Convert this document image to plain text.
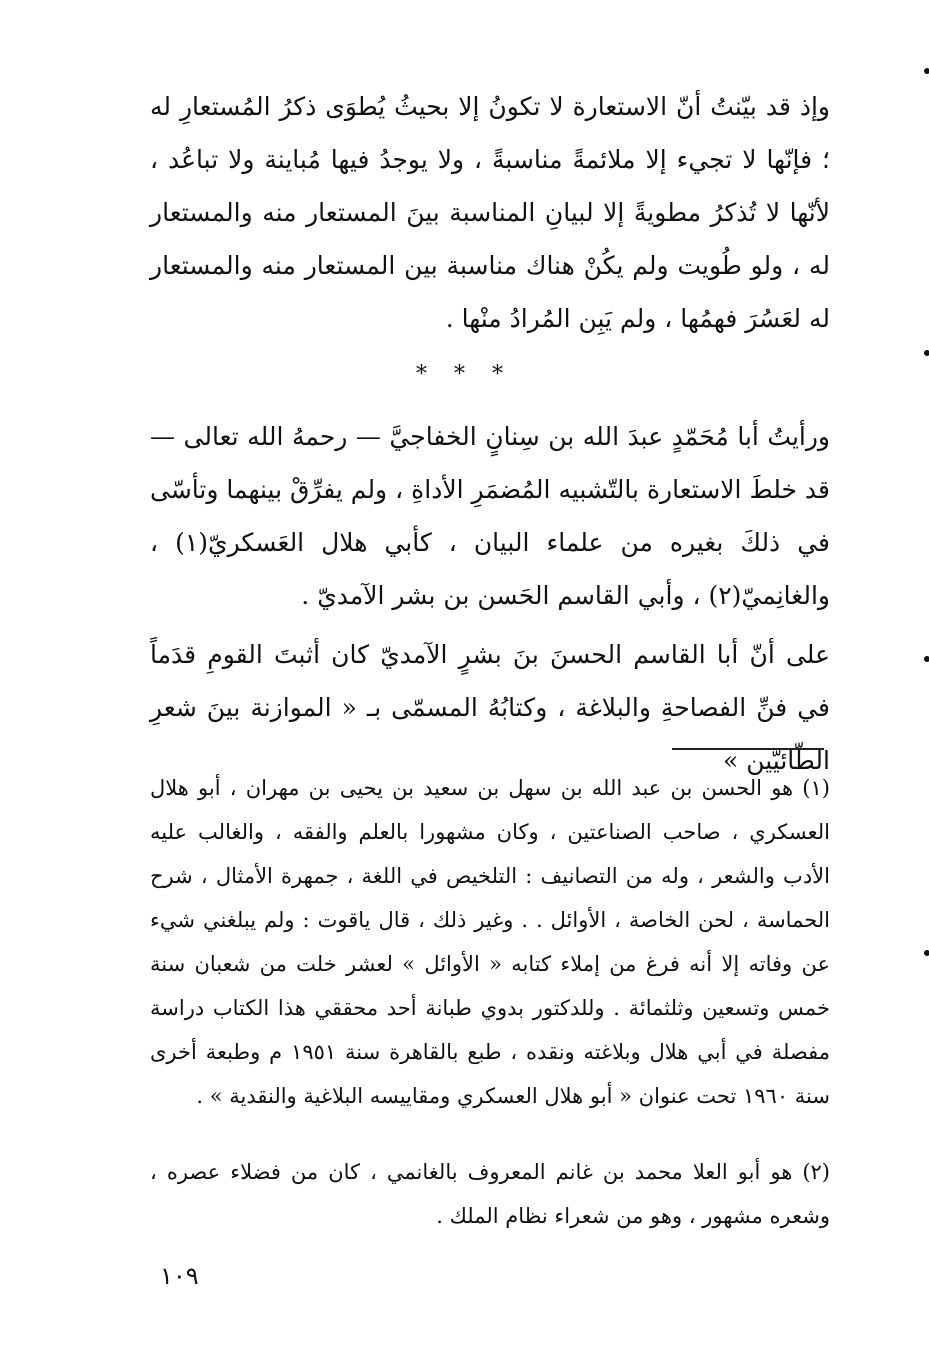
وإذ قد بيّنتُ أنّ الاستعارة لا تكونُ إلا بحيثُ يُطوَى ذكرُ المُستعارِ له ؛ فإنّها لا تجيء إلا ملائمةً مناسبةً ، ولا يوجدُ فيها مُباينة ولا تباعُد ، لأنّها لا تُذكرُ مطويةً إلا لبيانِ المناسبة بينَ المستعار منه والمستعار له ، ولو طُويت ولم يكُنْ هناك مناسبة بين المستعار منه والمستعار له لعَسُرَ فهمُها ، ولم يَبِن المُرادُ منْها .

* * *

ورأيتُ أبا مُحَمّدٍ عبدَ الله بن سِنانٍ الخفاجيَّ — رحمهُ الله تعالى — قد خلطَ الاستعارة بالتّشبيه المُضمَرِ الأداةِ ، ولم يفرِّقْ بينهما وتأسّى في ذلكَ بغيره من علماء البيان ، كأبي هلال العَسكريّ(١) ، والغانِميّ(٢) ، وأبي القاسم الحَسن بن بشر الآمديّ .

على أنّ أبا القاسم الحسنَ بنَ بشرٍ الآمديّ كان أثبتَ القومِ قدَماً في فنِّ الفصاحةِ والبلاغة ، وكتابُهُ المسمّى بـ « الموازنة بينَ شعرِ الطّائيّين »

(١) هو الحسن بن عبد الله بن سهل بن سعيد بن يحيى بن مهران ، أبو هلال العسكري ، صاحب الصناعتين ، وكان مشهورا بالعلم والفقه ، والغالب عليه الأدب والشعر ، وله من التصانيف : التلخيص في اللغة ، جمهرة الأمثال ، شرح الحماسة ، لحن الخاصة ، الأوائل . . وغير ذلك ، قال ياقوت : ولم يبلغني شيء عن وفاته إلا أنه فرغ من إملاء كتابه « الأوائل » لعشر خلت من شعبان سنة خمس وتسعين وثلثمائة . وللدكتور بدوي طبانة أحد محققي هذا الكتاب دراسة مفصلة في أبي هلال وبلاغته ونقده ، طبع بالقاهرة سنة ١٩٥١ م وطبعة أخرى سنة ١٩٦٠ تحت عنوان « أبو هلال العسكري ومقاييسه البلاغية والنقدية » .

(٢) هو أبو العلا محمد بن غانم المعروف بالغانمي ، كان من فضلاء عصره ، وشعره مشهور ، وهو من شعراء نظام الملك .

١٠٩
